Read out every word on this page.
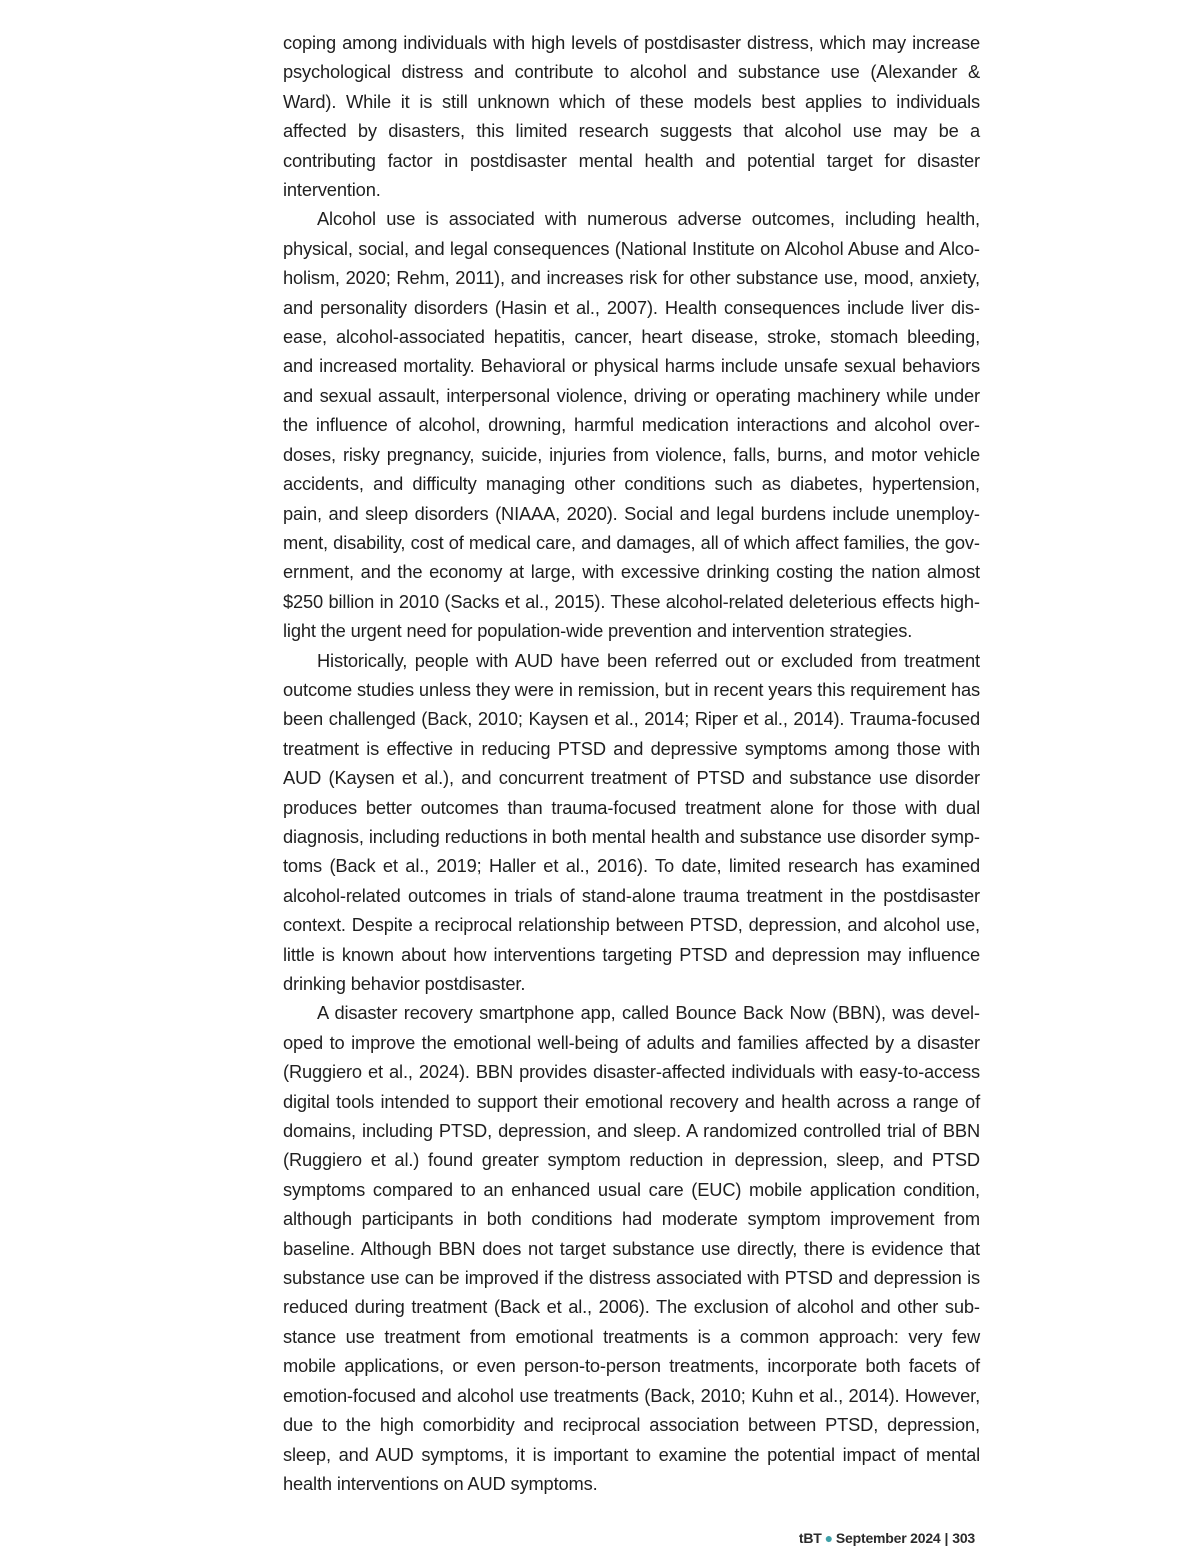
coping among individuals with high levels of postdisaster distress, which may increase psychological distress and contribute to alcohol and substance use (Alexander & Ward). While it is still unknown which of these models best applies to individuals affected by disasters, this limited research suggests that alcohol use may be a contributing factor in postdisaster mental health and potential target for disaster intervention.

Alcohol use is associated with numerous adverse outcomes, including health, physical, social, and legal consequences (National Institute on Alcohol Abuse and Alcoholism, 2020; Rehm, 2011), and increases risk for other substance use, mood, anxiety, and personality disorders (Hasin et al., 2007). Health consequences include liver disease, alcohol-associated hepatitis, cancer, heart disease, stroke, stomach bleeding, and increased mortality. Behavioral or physical harms include unsafe sexual behaviors and sexual assault, interpersonal violence, driving or operating machinery while under the influence of alcohol, drowning, harmful medication interactions and alcohol overdoses, risky pregnancy, suicide, injuries from violence, falls, burns, and motor vehicle accidents, and difficulty managing other conditions such as diabetes, hypertension, pain, and sleep disorders (NIAAA, 2020). Social and legal burdens include unemployment, disability, cost of medical care, and damages, all of which affect families, the government, and the economy at large, with excessive drinking costing the nation almost $250 billion in 2010 (Sacks et al., 2015). These alcohol-related deleterious effects highlight the urgent need for population-wide prevention and intervention strategies.

Historically, people with AUD have been referred out or excluded from treatment outcome studies unless they were in remission, but in recent years this requirement has been challenged (Back, 2010; Kaysen et al., 2014; Riper et al., 2014). Trauma-focused treatment is effective in reducing PTSD and depressive symptoms among those with AUD (Kaysen et al.), and concurrent treatment of PTSD and substance use disorder produces better outcomes than trauma-focused treatment alone for those with dual diagnosis, including reductions in both mental health and substance use disorder symptoms (Back et al., 2019; Haller et al., 2016). To date, limited research has examined alcohol-related outcomes in trials of stand-alone trauma treatment in the postdisaster context. Despite a reciprocal relationship between PTSD, depression, and alcohol use, little is known about how interventions targeting PTSD and depression may influence drinking behavior postdisaster.

A disaster recovery smartphone app, called Bounce Back Now (BBN), was developed to improve the emotional well-being of adults and families affected by a disaster (Ruggiero et al., 2024). BBN provides disaster-affected individuals with easy-to-access digital tools intended to support their emotional recovery and health across a range of domains, including PTSD, depression, and sleep. A randomized controlled trial of BBN (Ruggiero et al.) found greater symptom reduction in depression, sleep, and PTSD symptoms compared to an enhanced usual care (EUC) mobile application condition, although participants in both conditions had moderate symptom improvement from baseline. Although BBN does not target substance use directly, there is evidence that substance use can be improved if the distress associated with PTSD and depression is reduced during treatment (Back et al., 2006). The exclusion of alcohol and other substance use treatment from emotional treatments is a common approach: very few mobile applications, or even person-to-person treatments, incorporate both facets of emotion-focused and alcohol use treatments (Back, 2010; Kuhn et al., 2014). However, due to the high comorbidity and reciprocal association between PTSD, depression, sleep, and AUD symptoms, it is important to examine the potential impact of mental health interventions on AUD symptoms.

tBT ● September 2024 | 303
